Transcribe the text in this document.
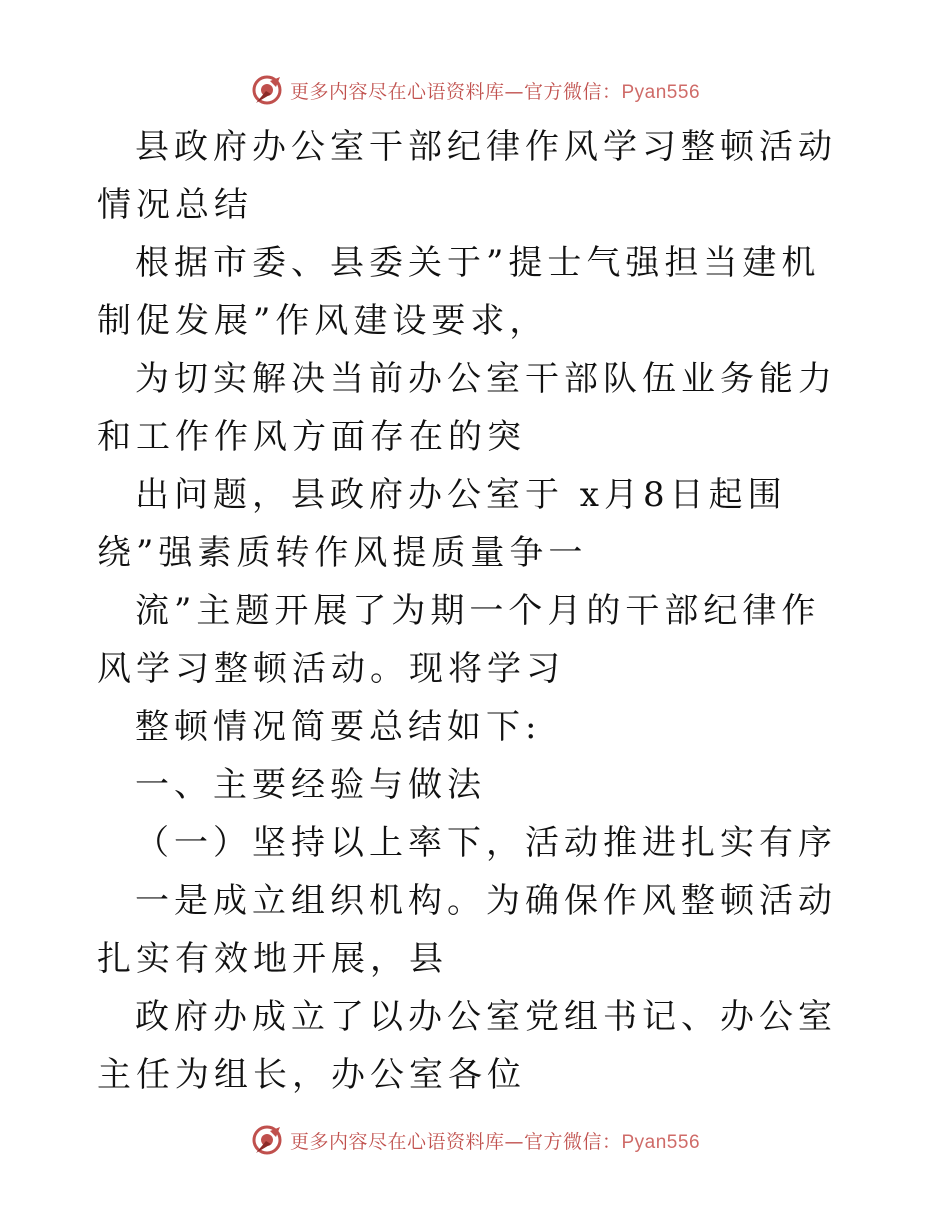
更多内容尽在心语资料库—官方微信：Pyan556

县政府办公室干部纪律作风学习整顿活动情况总结

根据市委、县委关于”提士气强担当建机制促发展”作风建设要求，

为切实解决当前办公室干部队伍业务能力和工作作风方面存在的突

出问题，县政府办公室于 x月8日起围绕”强素质转作风提质量争一

流”主题开展了为期一个月的干部纪律作风学习整顿活动。现将学习

整顿情况简要总结如下:

一、主要经验与做法

（一）坚持以上率下，活动推进扎实有序

一是成立组织机构。为确保作风整顿活动扎实有效地开展，县

政府办成立了以办公室党组书记、办公室主任为组长，办公室各位

更多内容尽在心语资料库—官方微信：Pyan556
